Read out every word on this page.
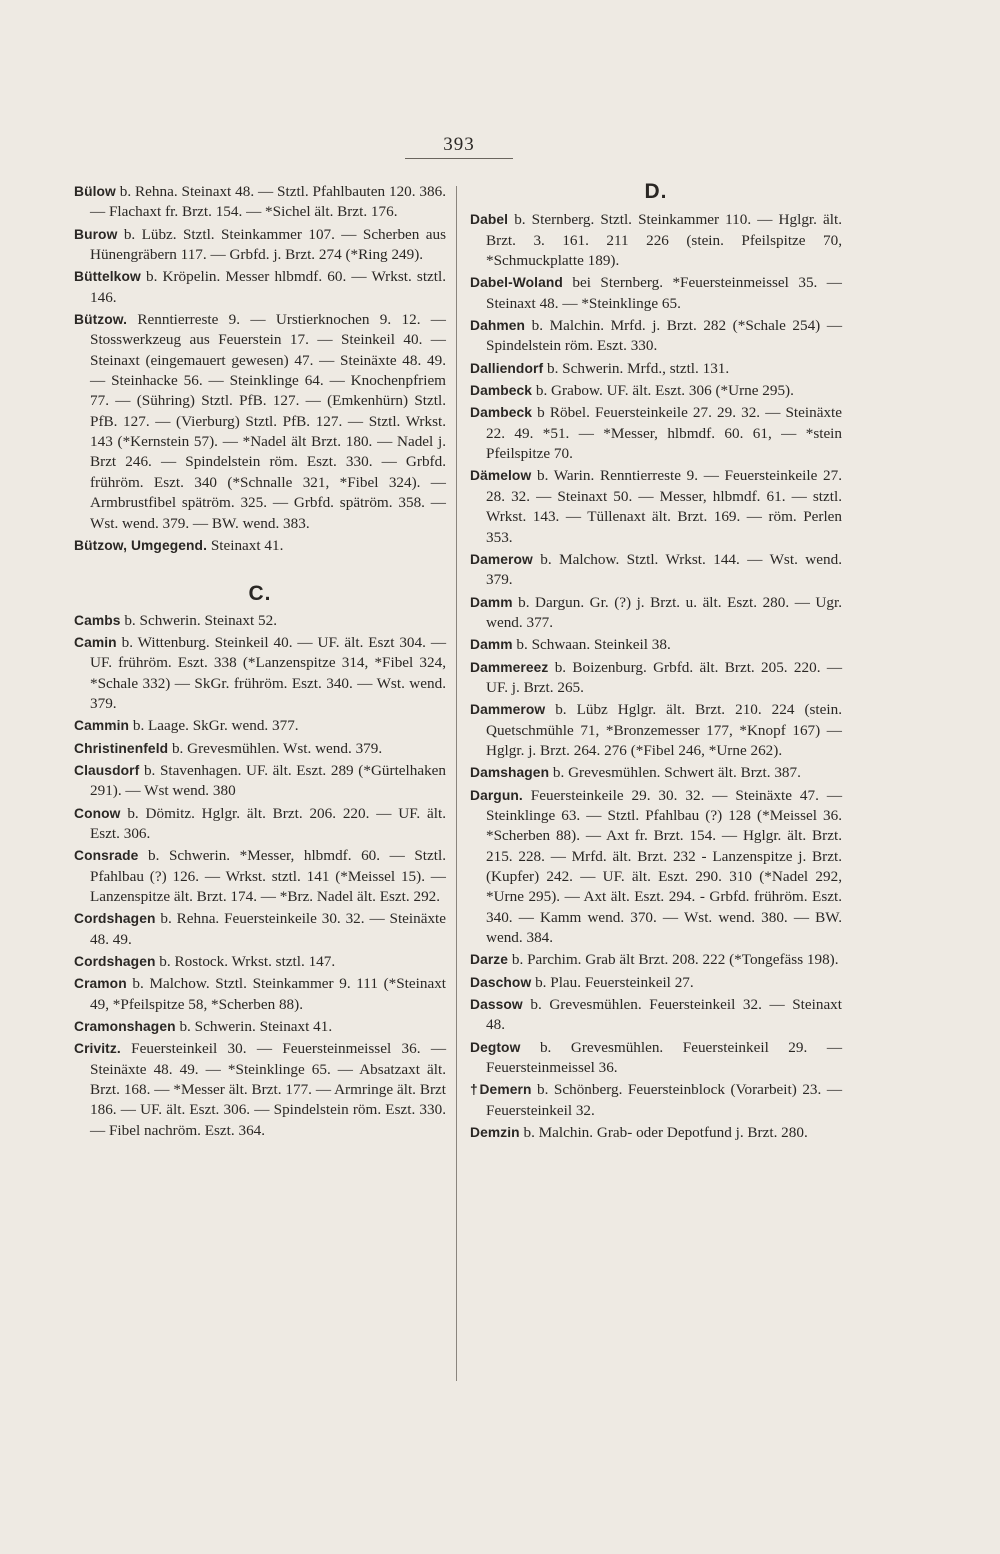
393

Bülow b. Rehna. Steinaxt 48. — Stztl. Pfahlbauten 120. 386. — Flachaxt fr. Brzt. 154. — *Sichel ält. Brzt. 176.

Burow b. Lübz. Stztl. Steinkammer 107. — Scherben aus Hünengräbern 117. — Grbfd. j. Brzt. 274 (*Ring 249).

Büttelkow b. Kröpelin. Messer hlbmdf. 60. — Wrkst. stztl. 146.

Bützow. Renntierreste 9. — Urstierknochen 9. 12. — Stosswerkzeug aus Feuerstein 17. — Steinkeil 40. — Steinaxt (eingemauert gewesen) 47. — Steinäxte 48. 49. — Steinhacke 56. — Steinklinge 64. — Knochenpfriem 77. — (Sühring) Stztl. PfB. 127. — (Emkenhürn) Stztl. PfB. 127. — (Vierburg) Stztl. PfB. 127. — Stztl. Wrkst. 143 (*Kernstein 57). — *Nadel ält Brzt. 180. — Nadel j. Brzt 246. — Spindelstein röm. Eszt. 330. — Grbfd. frühröm. Eszt. 340 (*Schnalle 321, *Fibel 324). — Armbrustfibel spätröm. 325. — Grbfd. spätröm. 358. — Wst. wend. 379. — BW. wend. 383.

Bützow, Umgegend. Steinaxt 41.

C.

Cambs b. Schwerin. Steinaxt 52.

Camin b. Wittenburg. Steinkeil 40. — UF. ält. Eszt 304. — UF. frühröm. Eszt. 338 (*Lanzenspitze 314, *Fibel 324, *Schale 332) — SkGr. frühröm. Eszt. 340. — Wst. wend. 379.

Cammin b. Laage. SkGr. wend. 377.

Christinenfeld b. Grevesmühlen. Wst. wend. 379.

Clausdorf b. Stavenhagen. UF. ält. Eszt. 289 (*Gürtelhaken 291). — Wst wend. 380

Conow b. Dömitz. Hglgr. ält. Brzt. 206. 220. — UF. ält. Eszt. 306.

Consrade b. Schwerin. *Messer, hlbmdf. 60. — Stztl. Pfahlbau (?) 126. — Wrkst. stztl. 141 (*Meissel 15). — Lanzenspitze ält. Brzt. 174. — *Brz. Nadel ält. Eszt. 292.

Cordshagen b. Rehna. Feuersteinkeile 30. 32. — Steinäxte 48. 49.

Cordshagen b. Rostock. Wrkst. stztl. 147.

Cramon b. Malchow. Stztl. Steinkammer 9. 111 (*Steinaxt 49, *Pfeilspitze 58, *Scherben 88).

Cramonshagen b. Schwerin. Steinaxt 41.

Crivitz. Feuersteinkeil 30. — Feuersteinmeissel 36. — Steinäxte 48. 49. — *Steinklinge 65. — Absatzaxt ält. Brzt. 168. — *Messer ält. Brzt. 177. — Armringe ält. Brzt 186. — UF. ält. Eszt. 306. — Spindelstein röm. Eszt. 330. — Fibel nachröm. Eszt. 364.

D.

Dabel b. Sternberg. Stztl. Steinkammer 110. — Hglgr. ält. Brzt. 3. 161. 211 226 (stein. Pfeilspitze 70, *Schmuckplatte 189).

Dabel-Woland bei Sternberg. *Feuersteinmeissel 35. — Steinaxt 48. — *Steinklinge 65.

Dahmen b. Malchin. Mrfd. j. Brzt. 282 (*Schale 254) — Spindelstein röm. Eszt. 330.

Dalliendorf b. Schwerin. Mrfd., stztl. 131.

Dambeck b. Grabow. UF. ält. Eszt. 306 (*Urne 295).

Dambeck b Röbel. Feuersteinkeile 27. 29. 32. — Steinäxte 22. 49. *51. — *Messer, hlbmdf. 60. 61, — *stein Pfeilspitze 70.

Dämelow b. Warin. Renntierreste 9. — Feuersteinkeile 27. 28. 32. — Steinaxt 50. — Messer, hlbmdf. 61. — stztl. Wrkst. 143. — Tüllenaxt ält. Brzt. 169. — röm. Perlen 353.

Damerow b. Malchow. Stztl. Wrkst. 144. — Wst. wend. 379.

Damm b. Dargun. Gr. (?) j. Brzt. u. ält. Eszt. 280. — Ugr. wend. 377.

Damm b. Schwaan. Steinkeil 38.

Dammereez b. Boizenburg. Grbfd. ält. Brzt. 205. 220. — UF. j. Brzt. 265.

Dammerow b. Lübz Hglgr. ält. Brzt. 210. 224 (stein. Quetschmühle 71, *Bronzemesser 177, *Knopf 167) — Hglgr. j. Brzt. 264. 276 (*Fibel 246, *Urne 262).

Damshagen b. Grevesmühlen. Schwert ält. Brzt. 387.

Dargun. Feuersteinkeile 29. 30. 32. — Steinäxte 47. — Steinklinge 63. — Stztl. Pfahlbau (?) 128 (*Meissel 36. *Scherben 88). — Axt fr. Brzt. 154. — Hglgr. ält. Brzt. 215. 228. — Mrfd. ält. Brzt. 232 - Lanzenspitze j. Brzt. (Kupfer) 242. — UF. ält. Eszt. 290. 310 (*Nadel 292, *Urne 295). — Axt ält. Eszt. 294. - Grbfd. frühröm. Eszt. 340. — Kamm wend. 370. — Wst. wend. 380. — BW. wend. 384.

Darze b. Parchim. Grab ält Brzt. 208. 222 (*Tongefäss 198).

Daschow b. Plau. Feuersteinkeil 27.

Dassow b. Grevesmühlen. Feuersteinkeil 32. — Steinaxt 48.

Degtow b. Grevesmühlen. Feuersteinkeil 29. — Feuersteinmeissel 36.

†Demern b. Schönberg. Feuersteinblock (Vorarbeit) 23. — Feuersteinkeil 32.

Demzin b. Malchin. Grab- oder Depotfund j. Brzt. 280.
